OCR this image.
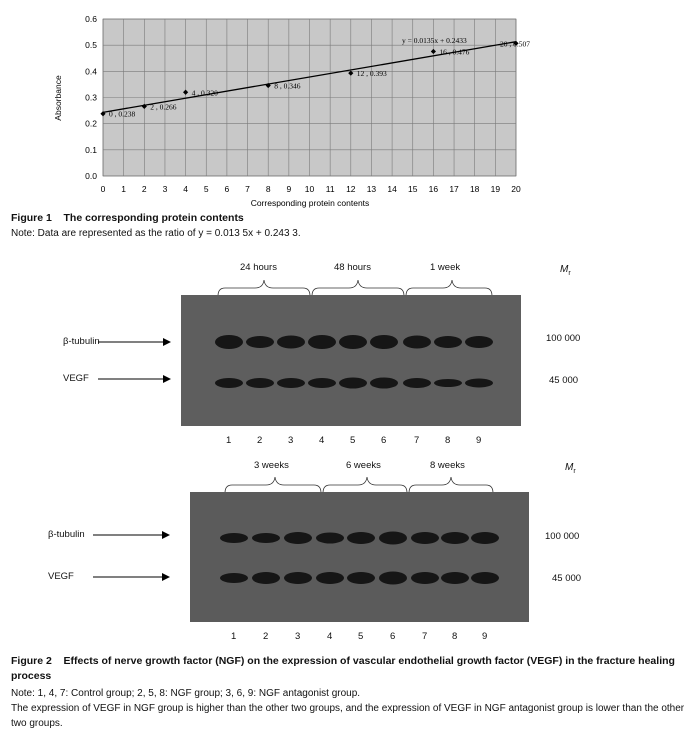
0.0
0.1
0.2
0.3
0.4
0.5
0.6
0 1 2 3 4 5 6 7 8 9 10 11 12 13 14 15 16 17 18 19 20
0 , 0.238
2 , 0.266
4 , 0.320
8 , 0.346
12 , 0.393
16 , 0.476
20 , 0.507
y = 0.0135x + 0.2433
Corresponding protein contents
Absorbance
Figure 1 The corresponding protein contents
Note: Data are represented as the ratio of y = 0.013 5x + 0.243 3.
24 hours	48 hours	1 week	$M_r$
β-tubulin
VEGF
100 000
45 000
1	2	3	4	5	6	7	8	9
3 weeks	6 weeks	8 weeks	$M_r$
β-tubulin
VEGF
100 000
45 000
1	2	3	4	5	6	7	8	9
Figure 2 Effects of nerve growth factor (NGF) on the expression of vascular endothelial growth factor (VEGF) in the fracture healing process
Note: 1, 4, 7: Control group; 2, 5, 8: NGF group; 3, 6, 9: NGF antagonist group.
The expression of VEGF in NGF group is higher than the other two groups, and the expression of VEGF in NGF antagonist group is lower than the other two groups.
